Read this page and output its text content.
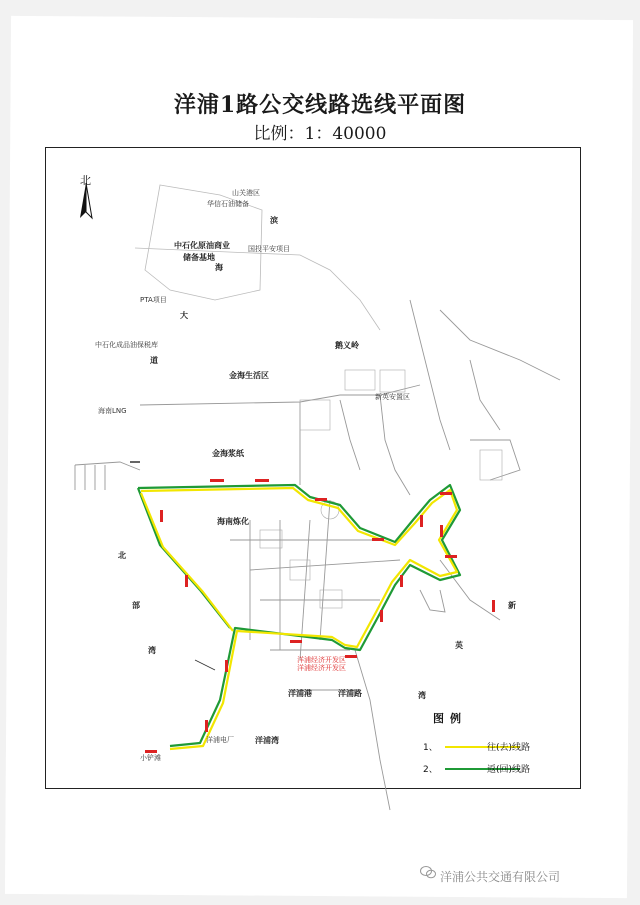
洋浦1路公交线路选线平面图
比例：1：40000
北
华信石油储备
山关港区
中石化原油商业
储备基地
国投平安项目
滨
海
大
道
PTA项目
中石化成品油保税库
海南LNG
金海生活区
金海浆纸
海南炼化
鹅义岭
新英安置区
洋浦路
洋浦港
小铲滩
洋浦电厂	洋浦湾
新
英
湾
北
部
湾
洋浦经济开发区
洋浦经济开发区
图例
1、	往(去)线路
2、	返(回)线路
洋浦公共交通有限公司
